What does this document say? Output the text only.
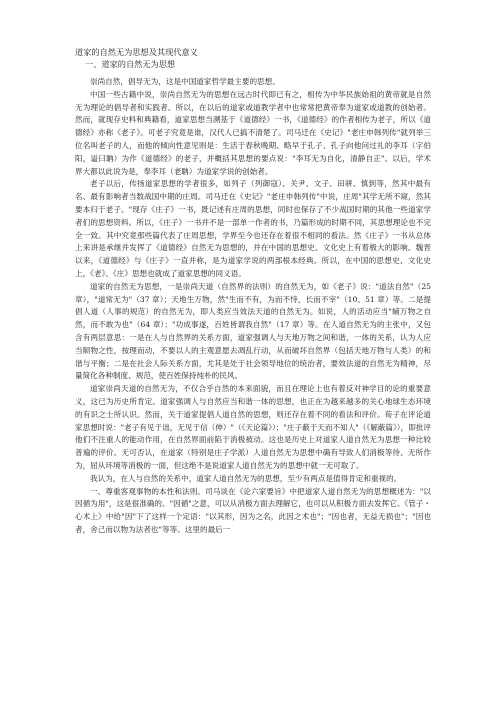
道家的自然无为思想及其现代意义

一、道家的自然无为思想

崇尚自然，倡导无为，这是中国道家哲学最主要的思想。

中国一些古籍中说，崇尚自然无为的思想在远古时代即已有之，相传为中华民族始祖的黄帝就是自然无为理论的倡导者和实践者。所以，在以后的道家或道教学者中也常常把黄帝奉为道家或道教的创始者。然而，就现存史料和典籍看，道家思想当溯基于《道德经》一书，《道德经》的作者相传为老子，所以《道德经》亦称《老子》。可老子究竟是谁，汉代人已搞不清楚了。司马迁在《史记》"老庄申韩列传"就列举三位名叫老子的人，而他的倾向性意见则是：生活于春秋晚期、略早于孔子、孔子向他问过礼的李耳（字伯阳，谥曰聃）为作《道德经》的老子，并概括其思想的要点说："李耳无为自化，清静自正"。以后，学术界大都以此说为是，奉李耳（老聃）为道家学说的创始者。

老子以后，传扬道家思想的学者很多，如列子（列御寇）、关尹、文子、田骈、慎到等，然其中最有名、最有影响者当数战国中期的庄周。司马迁在《史记》"老庄申韩列传"中说，庄周"其学无所不窥，然其要本归于老子。"现存《庄子》一书，既记述有庄周的思想，同时也保存了不少战国时期的其他一些道家学者们的思想资料。所以，《庄子》一书并不是一部单一作者的书，乃篇形成的时期不同，其思想理论也不完全一致。其中究竟那些篇代表了庄周思想，学界至今也还存在着很不相同的看法。然《庄子》一书从总体上来讲是承继并发挥了《道德经》自然无为思想的，并在中国的思想史、文化史上有着极大的影响。魏晋以来，《道德经》与《庄子》一直并称，是为道家学说的两部根本经典。所以，在中国的思想史、文化史上，《老》、《庄》思想也就成了道家思想的同义语。

道家的自然无为思想，一是崇尚天道（自然界的法则）的自然无为，如《老子》说："道法自然"（25 章），"道常无为"（37 章）；天地生万物，然"生而不有，为而不恃，长而不宰"（10、51 章）等。二是提倡人道（人事的规范）的自然无为，即人类应当效法天道的自然无为。如说，人的活动应当"辅万物之自然，而不敢为也"（64 章）；"功成事遂，百姓皆谓我自然"（17 章）等。在人道自然无为的主张中，又包含有两层意思：一是在人与自然界的关系方面，道家强调人与天地万物之间和谐，一体的关系，认为人应当顺物之性，按理而动，不要以人的主观意愿去凋乱行动，从而破坏自然界（包括天地万物与人类）的和谐与平衡；二是在社会人际关系方面，尤其是处于社会领导地位的统治者，要效法道的自然无为精神，尽量简化各种制度、规范，使百姓保持纯朴的民风。

道家崇尚天道的自然无为，不仅合乎自然的本来面貌，而且在理论上也有着反对神学目的论的重要意义，这已为历史所肯定。道家强调人与自然应当和谐一体的思想，也正在为越来越多的关心地球生态环境的有识之士所认识。然而，关于道家提倡人道自然的思想，则还存在着不同的看法和评价。荀子在评论道家思想时说："老子有见于诎，无见于信（伸）"（《天论篇》）；"庄子蔽于天而不知人"（《解蔽篇》），即批评他们不注重人的能动作用，在自然界面前陷于消极被动。这也是历史上对道家人道自然无为思想一种比较普遍的评价。无可否认，在道家（特别是庄子学派）人道自然无为思想中确有导致人们消极等待、无所作为，屈从环境等消极的一面，但这绝不是说道家人道自然无为的思想中就一无可取了。

我认为，在人与自然的关系中，道家人道自然无为的思想，至少有两点是值得肯定和重视的。

一、尊重客观事物的本性和法则。司马谈在《论六家要旨》中把道家人道自然无为的思想概述为："以因循为用"，这是很准确的。"因循"之意，可以从消极方面去理解它，也可以从积极方面去发挥它。《管子・心术上》中给"因"下了这样一个定语："以其形，因为之名，此因之术也"；"因也者，无益无损也"；"因也者，舍己而以物为法者也"等等。这里的最后一
